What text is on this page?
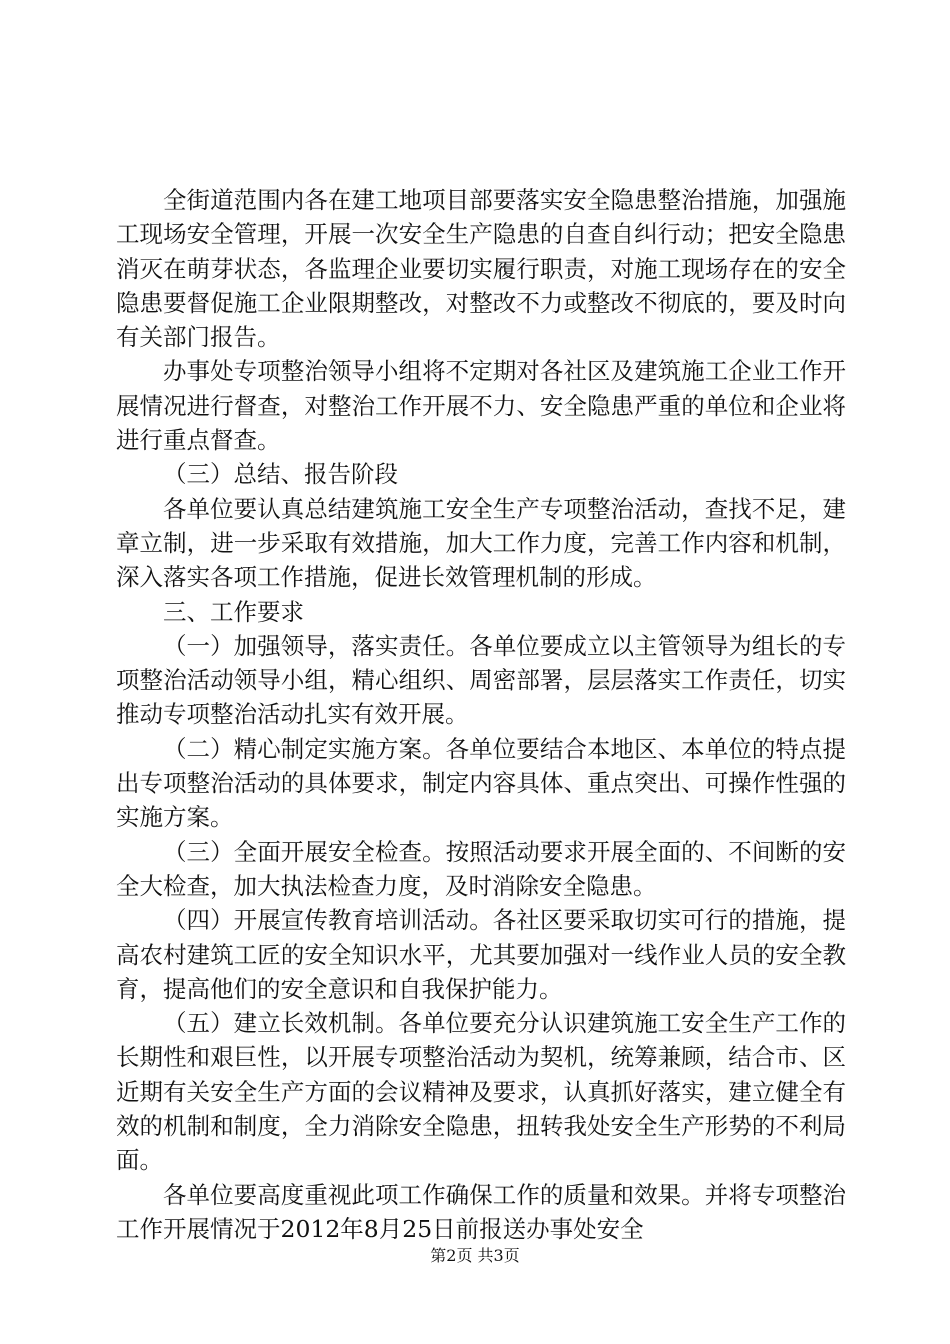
全街道范围内各在建工地项目部要落实安全隐患整治措施，加强施工现场安全管理，开展一次安全生产隐患的自查自纠行动；把安全隐患消灭在萌芽状态，各监理企业要切实履行职责，对施工现场存在的安全隐患要督促施工企业限期整改，对整改不力或整改不彻底的，要及时向有关部门报告。

办事处专项整治领导小组将不定期对各社区及建筑施工企业工作开展情况进行督查，对整治工作开展不力、安全隐患严重的单位和企业将进行重点督查。

（三）总结、报告阶段

各单位要认真总结建筑施工安全生产专项整治活动，查找不足，建章立制，进一步采取有效措施，加大工作力度，完善工作内容和机制，深入落实各项工作措施，促进长效管理机制的形成。

三、工作要求

（一）加强领导，落实责任。各单位要成立以主管领导为组长的专项整治活动领导小组，精心组织、周密部署，层层落实工作责任，切实推动专项整治活动扎实有效开展。

（二）精心制定实施方案。各单位要结合本地区、本单位的特点提出专项整治活动的具体要求，制定内容具体、重点突出、可操作性强的实施方案。

（三）全面开展安全检查。按照活动要求开展全面的、不间断的安全大检查，加大执法检查力度，及时消除安全隐患。

（四）开展宣传教育培训活动。各社区要采取切实可行的措施，提高农村建筑工匠的安全知识水平，尤其要加强对一线作业人员的安全教育，提高他们的安全意识和自我保护能力。

（五）建立长效机制。各单位要充分认识建筑施工安全生产工作的长期性和艰巨性，以开展专项整治活动为契机，统筹兼顾，结合市、区近期有关安全生产方面的会议精神及要求，认真抓好落实，建立健全有效的机制和制度，全力消除安全隐患，扭转我处安全生产形势的不利局面。

各单位要高度重视此项工作确保工作的质量和效果。并将专项整治工作开展情况于2012年8月25日前报送办事处安全

第2页 共3页
